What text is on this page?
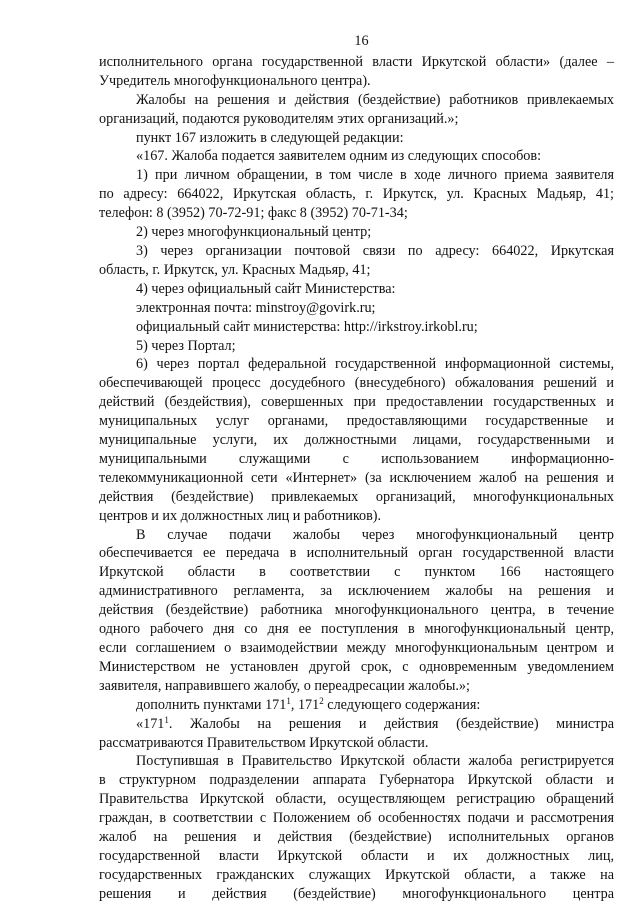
16
исполнительного органа государственной власти Иркутской области» (далее –
Учредитель многофункционального центра).
Жалобы на решения и действия (бездействие) работников привлекаемых
организаций, подаются руководителям этих организаций.»;
пункт 167 изложить в следующей редакции:
«167. Жалоба подается заявителем одним из следующих способов:
1) при личном обращении, в том числе в ходе личного приема заявителя
по адресу: 664022, Иркутская область, г. Иркутск, ул. Красных Мадьяр, 41;
телефон: 8 (3952) 70-72-91; факс 8 (3952) 70-71-34;
2) через многофункциональный центр;
3) через организации почтовой связи по адресу: 664022, Иркутская
область, г. Иркутск, ул. Красных Мадьяр, 41;
4) через официальный сайт Министерства:
электронная почта: minstroy@govirk.ru;
официальный сайт министерства: http://irkstroy.irkobl.ru;
5) через Портал;
6) через портал федеральной государственной информационной системы,
обеспечивающей процесс досудебного (внесудебного) обжалования решений и
действий (бездействия), совершенных при предоставлении государственных и
муниципальных услуг органами, предоставляющими государственные и
муниципальные услуги, их должностными лицами, государственными и
муниципальными служащими с использованием информационно-
телекоммуникационной сети «Интернет» (за исключением жалоб на решения и
действия (бездействие) привлекаемых организаций, многофункциональных
центров и их должностных лиц и работников).
В случае подачи жалобы через многофункциональный центр
обеспечивается ее передача в исполнительный орган государственной власти
Иркутской области в соответствии с пунктом 166 настоящего
административного регламента, за исключением жалобы на решения и
действия (бездействие) работника многофункционального центра, в течение
одного рабочего дня со дня ее поступления в многофункциональный центр,
если соглашением о взаимодействии между многофункциональным центром и
Министерством не установлен другой срок, с одновременным уведомлением
заявителя, направившего жалобу, о переадресации жалобы.»;
дополнить пунктами $171^1$, $171^2$ следующего содержания:
«$171^1$. Жалобы на решения и действия (бездействие) министра
рассматриваются Правительством Иркутской области.
Поступившая в Правительство Иркутской области жалоба регистрируется
в структурном подразделении аппарата Губернатора Иркутской области и
Правительства Иркутской области, осуществляющем регистрацию обращений
граждан, в соответствии с Положением об особенностях подачи и рассмотрения
жалоб на решения и действия (бездействие) исполнительных органов
государственной власти Иркутской области и их должностных лиц,
государственных гражданских служащих Иркутской области, а также на
решения и действия (бездействие) многофункционального центра
